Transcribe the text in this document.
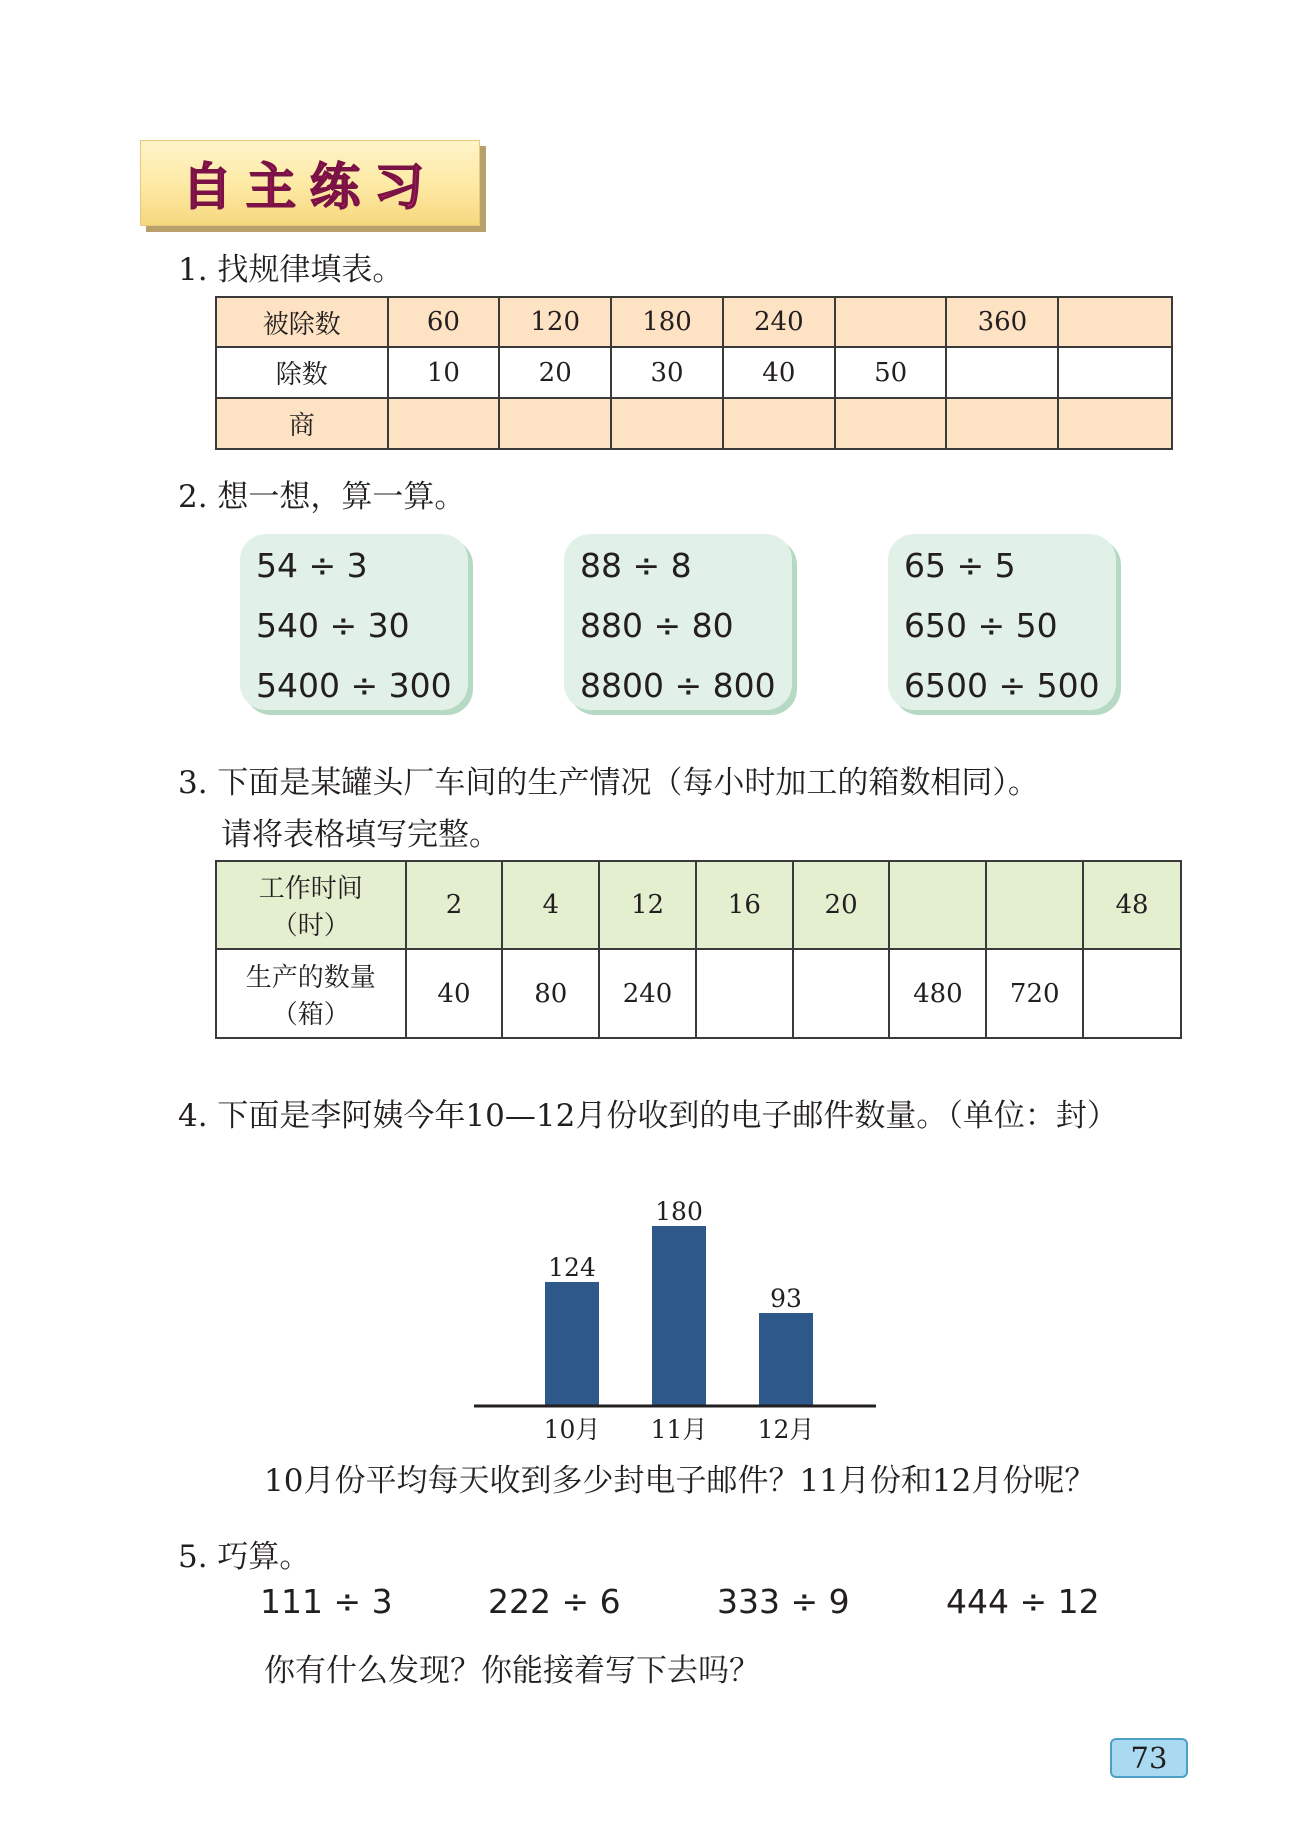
自主练习
1. 找规律填表。
被除数	60	120	180	240		360	
除数	10	20	30	40	50		
商							
2. 想一想，算一算。
54 ÷ 3
540 ÷ 30
5400 ÷ 300
88 ÷ 8
880 ÷ 80
8800 ÷ 800
65 ÷ 5
650 ÷ 50
6500 ÷ 500
3. 下面是某罐头厂车间的生产情况（每小时加工的箱数相同）。
请将表格填写完整。
工作时间
（时）	2	4	12	16	20			48

生产的数量
（箱）	40	80	240			480	720	
4. 下面是李阿姨今年10—12月份收到的电子邮件数量。（单位：封）
124
10月
180
11月
93
12月
10月份平均每天收到多少封电子邮件？11月份和12月份呢？
5. 巧算。
111 ÷ 3	222 ÷ 6	333 ÷ 9	444 ÷ 12
你有什么发现？你能接着写下去吗？
73
